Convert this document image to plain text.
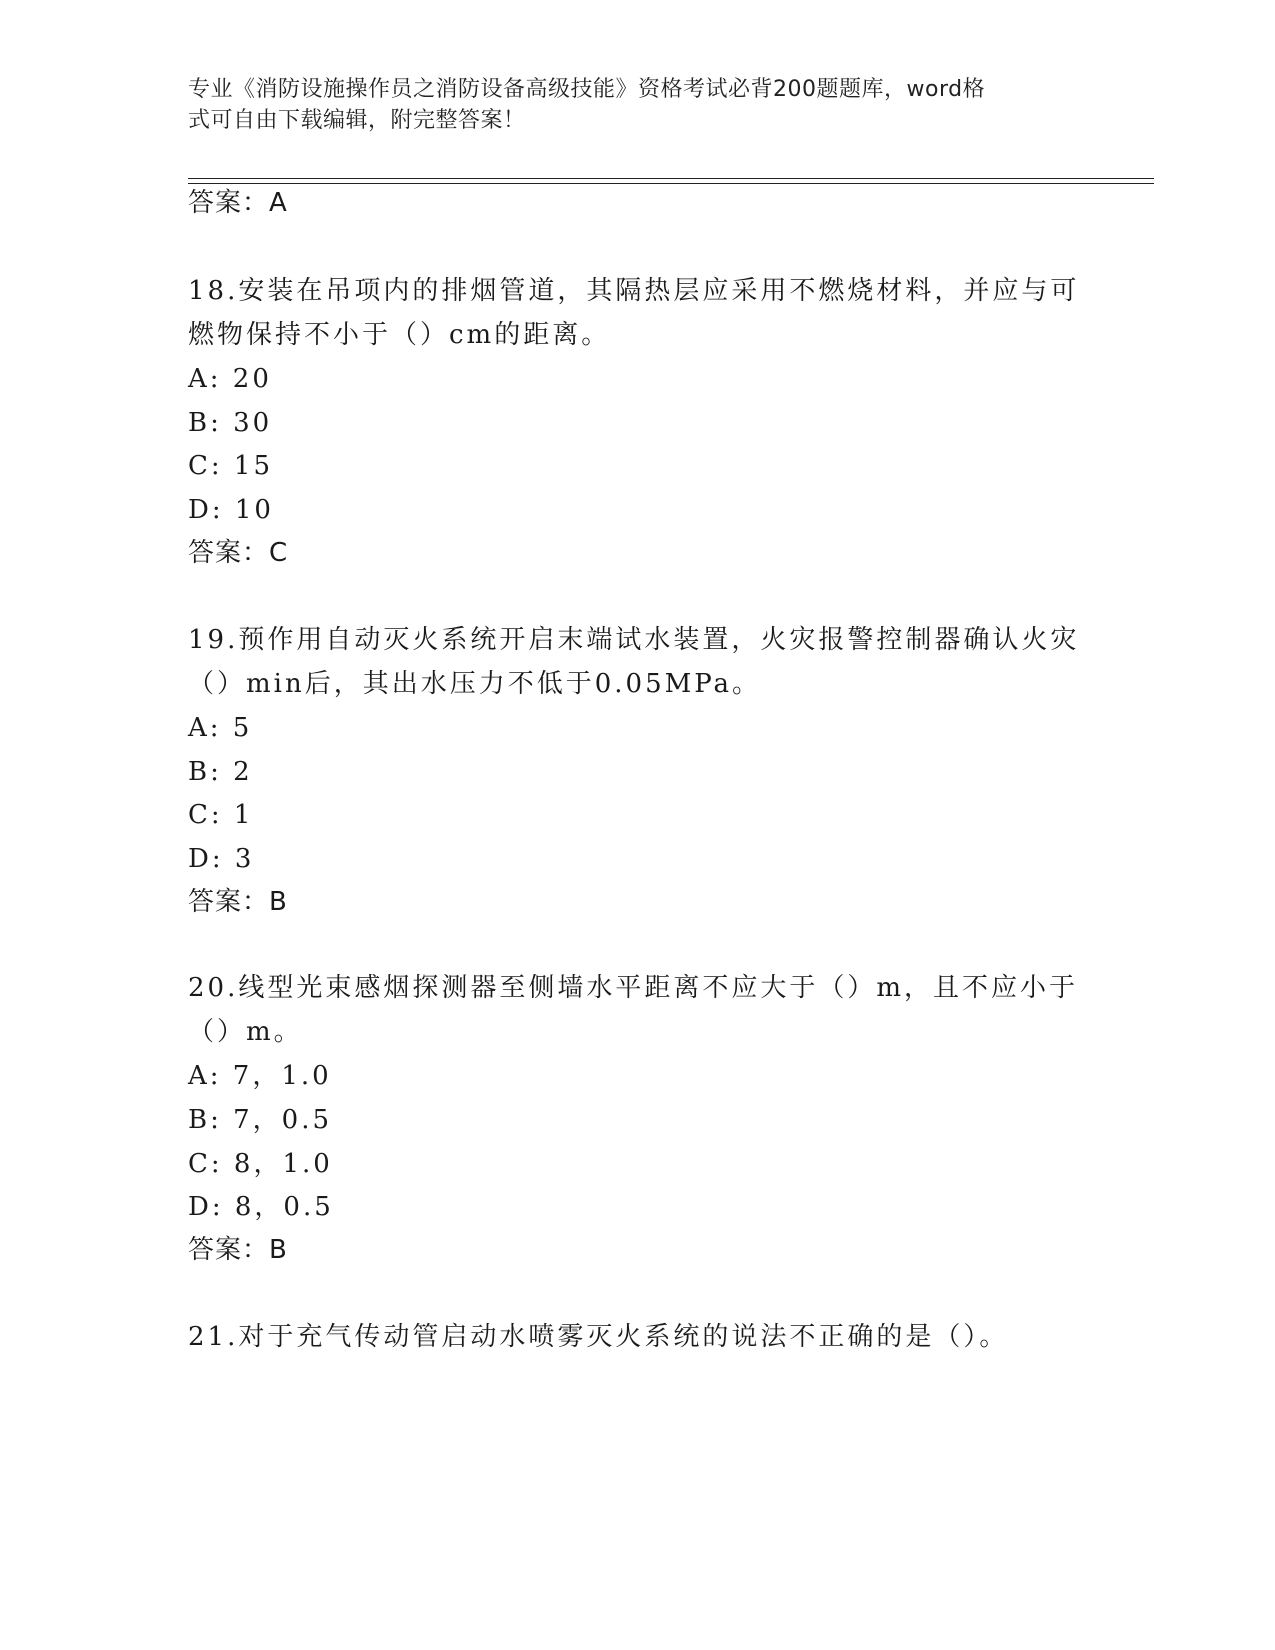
专业《消防设施操作员之消防设备高级技能》资格考试必背200题题库，word格
式可自由下载编辑，附完整答案！
答案：A
18.安装在吊项内的排烟管道，其隔热层应采用不燃烧材料，并应与可
燃物保持不小于（）cm的距离。
A: 20
B: 30
C: 15
D: 10
答案：C
19.预作用自动灭火系统开启末端试水装置，火灾报警控制器确认火灾
（）min后，其出水压力不低于0.05MPa。
A: 5
B: 2
C: 1
D: 3
答案：B
20.线型光束感烟探测器至侧墙水平距离不应大于（）m，且不应小于
（）m。
A: 7，1.0
B: 7，0.5
C: 8，1.0
D: 8，0.5
答案：B
21.对于充气传动管启动水喷雾灭火系统的说法不正确的是（）。
